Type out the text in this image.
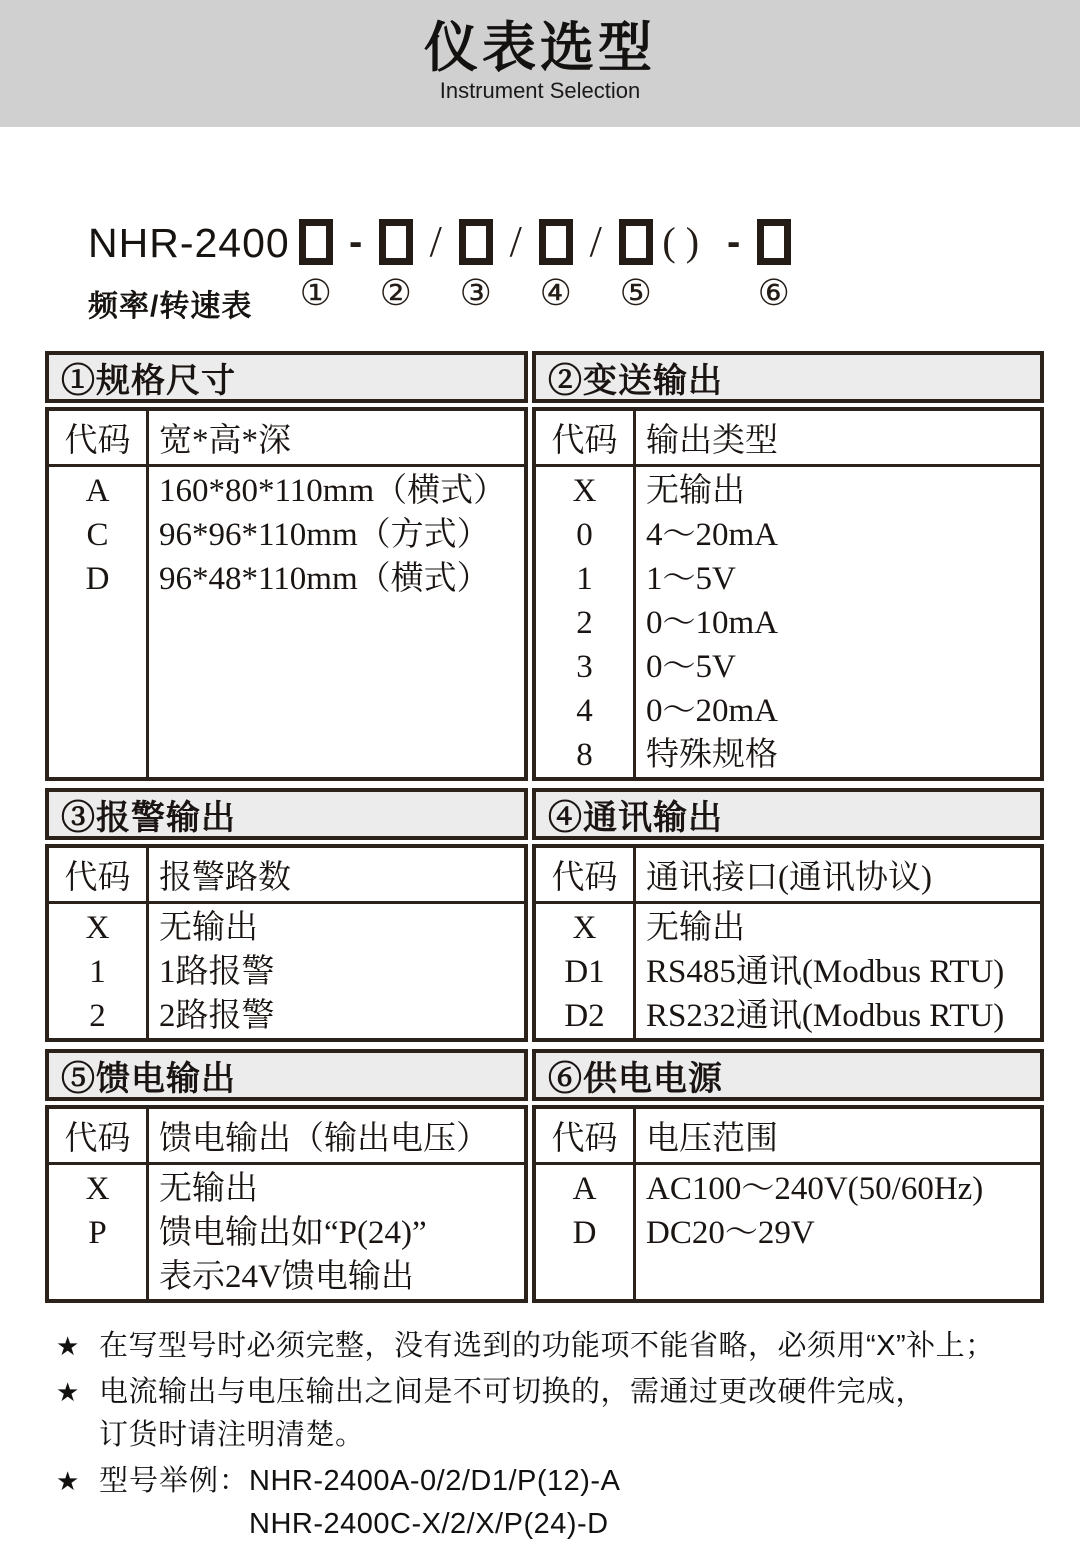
仪表选型
Instrument Selection
NHR-2400
频率/转速表	①
-
②
/
③
/
④
/
⑤
() -
⑥
①规格尺寸
代码 宽*高*深
A
C
D
160*80*110mm（横式）
96*96*110mm（方式）
96*48*110mm（横式）
②变送输出
代码 输出类型
X
0
1
2
3
4
8
无输出
4～20mA
1～5V
0～10mA
0～5V
0～20mA
特殊规格
③报警输出
代码 报警路数
X
1
2
无输出
1路报警
2路报警
④通讯输出
代码 通讯接口(通讯协议)
X
D1
D2
无输出
RS485通讯(Modbus RTU)
RS232通讯(Modbus RTU)
⑤馈电输出
代码 馈电输出（输出电压）
X
P
无输出
馈电输出如“P(24)”
表示24V馈电输出
⑥供电电源
代码 电压范围
A
D
AC100～240V(50/60Hz)
DC20～29V
★ 在写型号时必须完整，没有选到的功能项不能省略，必须用“X”补上；
★ 电流输出与电压输出之间是不可切换的，需通过更改硬件完成，
订货时请注明清楚。
★ 型号举例： NHR-2400A-0/2/D1/P(12)-A
NHR-2400C-X/2/X/P(24)-D
